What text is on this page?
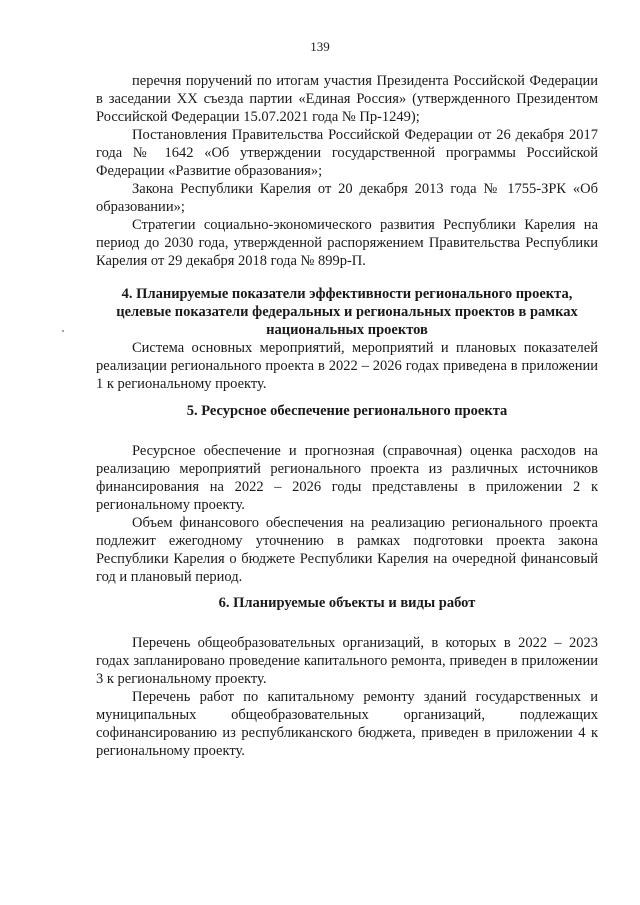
139

перечня поручений по итогам участия Президента Российской Федерации в заседании XX съезда партии «Единая Россия» (утвержденного Президентом Российской Федерации 15.07.2021 года № Пр-1249);

Постановления Правительства Российской Федерации от 26 декабря 2017 года № 1642 «Об утверждении государственной программы Российской Федерации «Развитие образования»;

Закона Республики Карелия от 20 декабря 2013 года № 1755-ЗРК «Об образовании»;

Стратегии социально-экономического развития Республики Карелия на период до 2030 года, утвержденной распоряжением Правительства Республики Карелия от 29 декабря 2018 года № 899р-П.

4. Планируемые показатели эффективности регионального проекта, целевые показатели федеральных и региональных проектов в рамках национальных проектов

Система основных мероприятий, мероприятий и плановых показателей реализации регионального проекта в 2022 – 2026 годах приведена в приложении 1 к региональному проекту.

5. Ресурсное обеспечение регионального проекта

Ресурсное обеспечение и прогнозная (справочная) оценка расходов на реализацию мероприятий регионального проекта из различных источников финансирования на 2022 – 2026 годы представлены в приложении 2 к региональному проекту.

Объем финансового обеспечения на реализацию регионального проекта подлежит ежегодному уточнению в рамках подготовки проекта закона Республики Карелия о бюджете Республики Карелия на очередной финансовый год и плановый период.

6. Планируемые объекты и виды работ

Перечень общеобразовательных организаций, в которых в 2022 – 2023 годах запланировано проведение капитального ремонта, приведен в приложении 3 к региональному проекту.

Перечень работ по капитальному ремонту зданий государственных и муниципальных общеобразовательных организаций, подлежащих софинансированию из республиканского бюджета, приведен в приложении 4 к региональному проекту.
